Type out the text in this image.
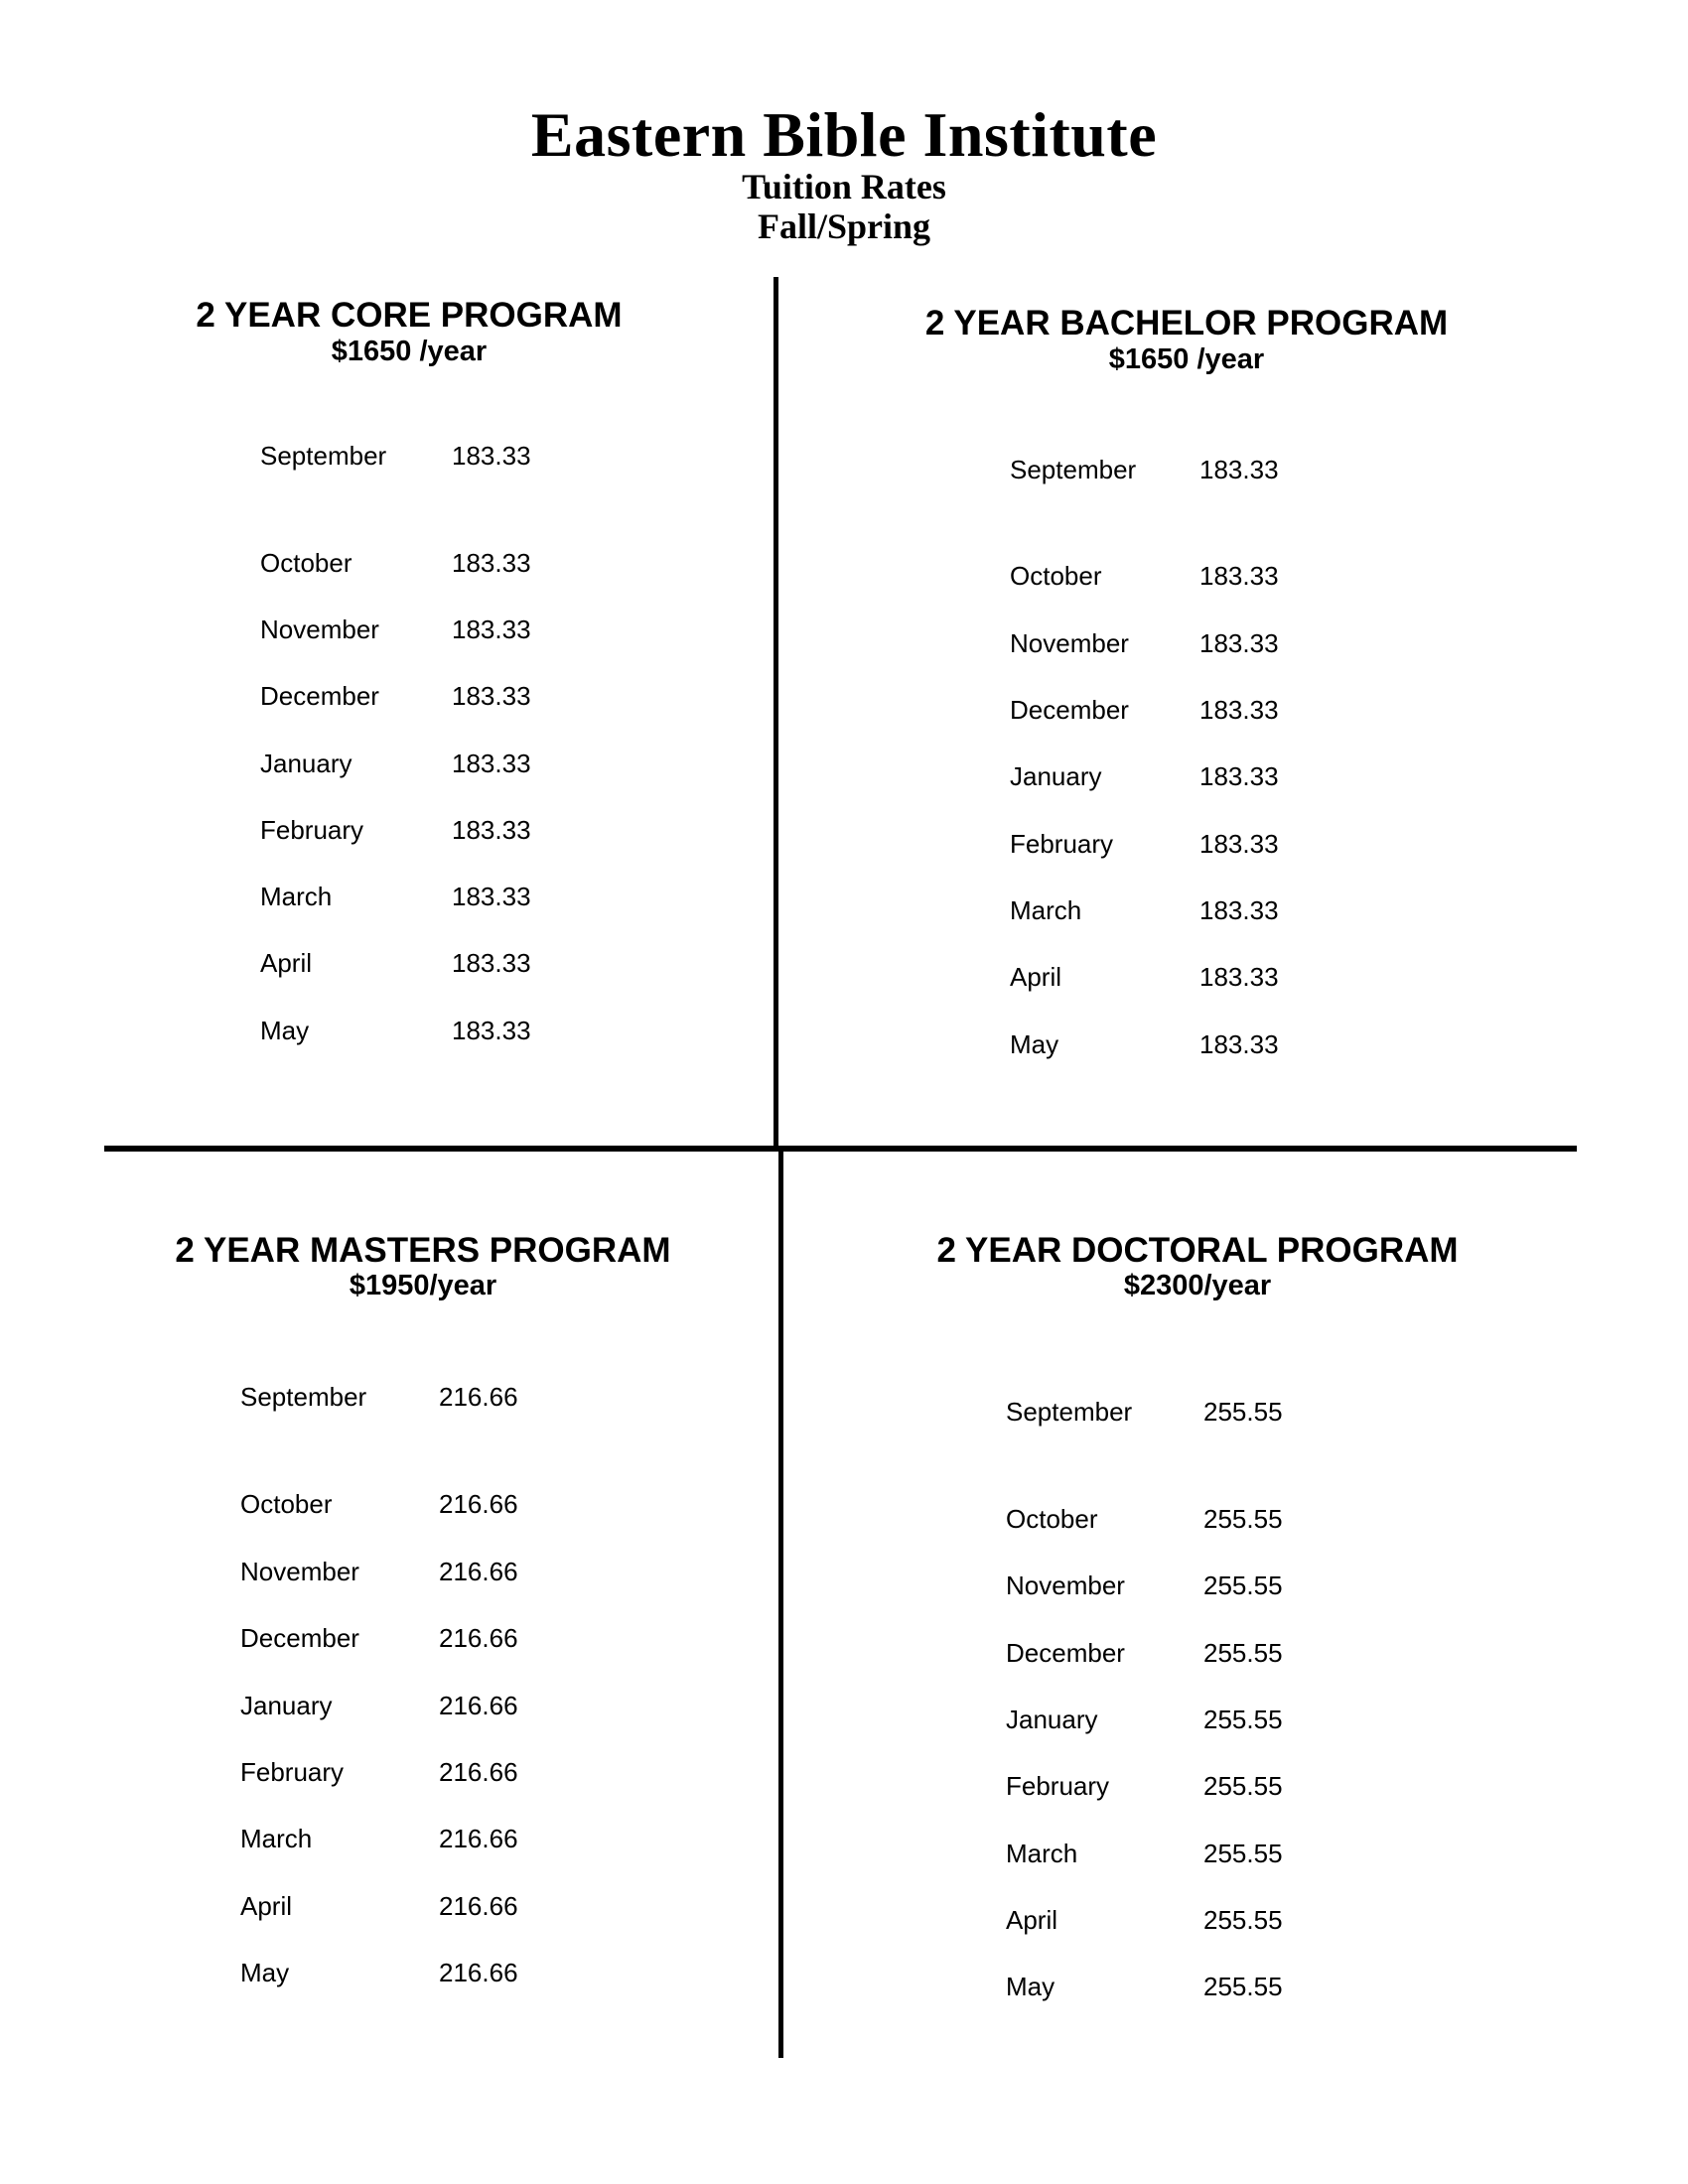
Eastern Bible Institute
Tuition Rates
Fall/Spring
2 YEAR CORE PROGRAM
$1650 /year
September	183.33
October	183.33
November	183.33
December	183.33
January	183.33
February	183.33
March	183.33
April	183.33
May	183.33
2 YEAR BACHELOR PROGRAM
$1650 /year
September 183.33
October	183.33
November	183.33
December	183.33
January	183.33
February	183.33
March	183.33
April	183.33
May	183.33
2 YEAR MASTERS PROGRAM
$1950/year
September	216.66
October	216.66
November	216.66
December	216.66
January	216.66
February	216.66
March	216.66
April	216.66
May	216.66
2 YEAR DOCTORAL PROGRAM
$2300/year
September	255.55
October	255.55
November	255.55
December	255.55
January	255.55
February	255.55
March	255.55
April	255.55
May	255.55
